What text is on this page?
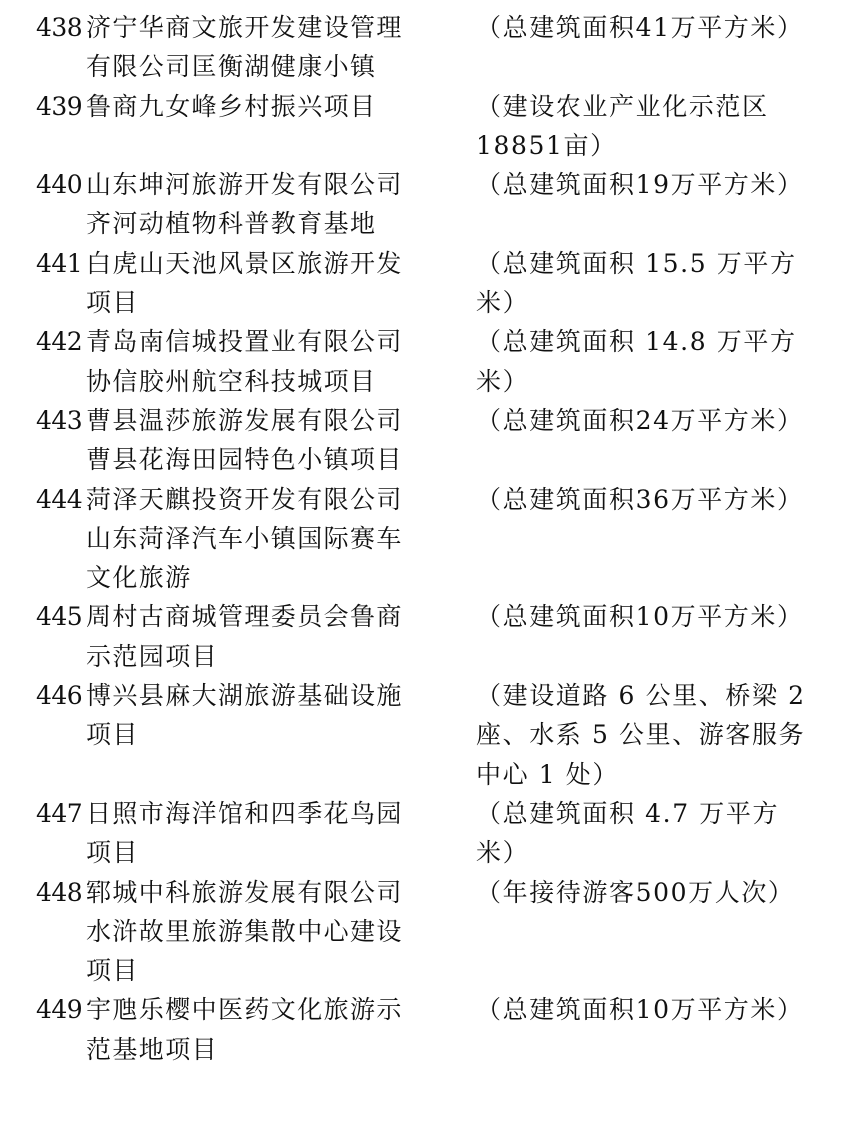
438 济宁华商文旅开发建设管理
有限公司匡衡湖健康小镇
（总建筑面积41万平方米）
439 鲁商九女峰乡村振兴项目	（建设农业产业化示范区
18851亩）
440 山东坤河旅游开发有限公司
齐河动植物科普教育基地
（总建筑面积19万平方米）
441 白虎山天池风景区旅游开发
项目
（总建筑面积 15.5 万平方
米）
442 青岛南信城投置业有限公司
协信胶州航空科技城项目
（总建筑面积 14.8 万平方
米）
443 曹县温莎旅游发展有限公司
曹县花海田园特色小镇项目
（总建筑面积24万平方米）
444 菏泽天麒投资开发有限公司
山东菏泽汽车小镇国际赛车
文化旅游
（总建筑面积36万平方米）
445 周村古商城管理委员会鲁商
示范园项目
（总建筑面积10万平方米）
446 博兴县麻大湖旅游基础设施
项目
（建设道路 6 公里、桥梁 2
座、水系 5 公里、游客服务
中心 1 处）
447 日照市海洋馆和四季花鸟园
项目
（总建筑面积 4.7 万平方
米）
448 郓城中科旅游发展有限公司
水浒故里旅游集散中心建设
项目
（年接待游客500万人次）
449 宇虺乐樱中医药文化旅游示
范基地项目
（总建筑面积10万平方米）
